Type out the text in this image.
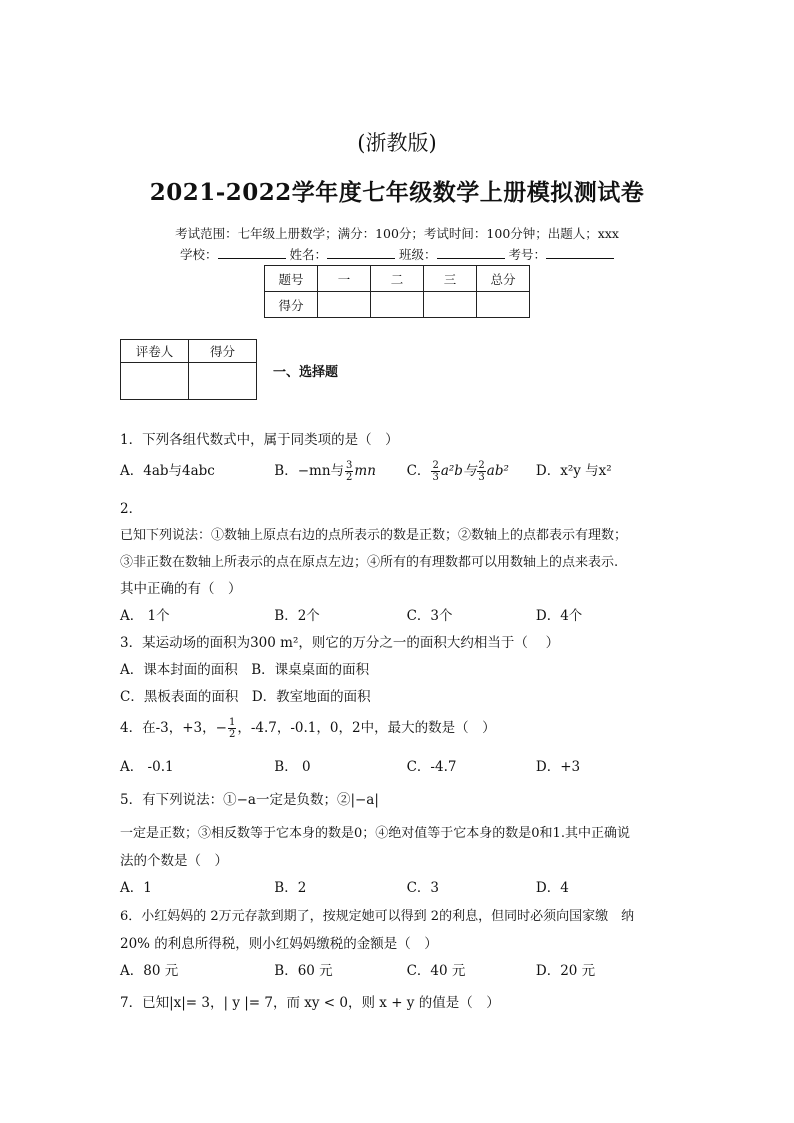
(浙教版)
2021-2022学年度七年级数学上册模拟测试卷
考试范围：七年级上册数学；满分：100分；考试时间：100分钟；出题人；xxx
学校：	姓名：	班级：	考号：
题号	一	二	三	总分
得分				
评卷人	得分

一、选择题
1．下列各组代数式中，属于同类项的是（　）
A．4ab与4abc	B．−mn与 $\frac{3}{2}$ mn C． $\frac{2}{3} a^2b$与 $\frac{2}{3} ab^2$ D．x²y 与x²
2．
已知下列说法：①数轴上原点右边的点所表示的数是正数；②数轴上的点都表示有理数；
③非正数在数轴上所表示的点在原点左边；④所有的有理数都可以用数轴上的点来表示.
其中正确的有（　）
A． 1个	B．2个	C．3个	D．4个
3．某运动场的面积为300 m²，则它的万分之一的面积大约相当于（　 ）
A．课本封面的面积　B．课桌桌面的面积
C．黑板表面的面积　D．教室地面的面积
4．在-3，+3，− $\frac{1}{2}$ ，-4.7，-0.1，0，2中，最大的数是（　）
A． -0.1	B． 0	C．-4.7	D．+3
5．有下列说法：①−a一定是负数；②|−a|
一定是正数；③相反数等于它本身的数是0；④绝对值等于它本身的数是0和1.其中正确说
法的个数是（　）
A．1	B．2	C．3	D．4
6．小红妈妈的 2万元存款到期了，按规定她可以得到 2的利息，但同时必须向国家缴　纳
20% 的利息所得税，则小红妈妈缴税的金额是（　）
A．80 元	B．60 元	C．40 元	D．20 元
7．已知|x|= 3，| y |= 7，而 xy < 0，则 x + y 的值是（　）
